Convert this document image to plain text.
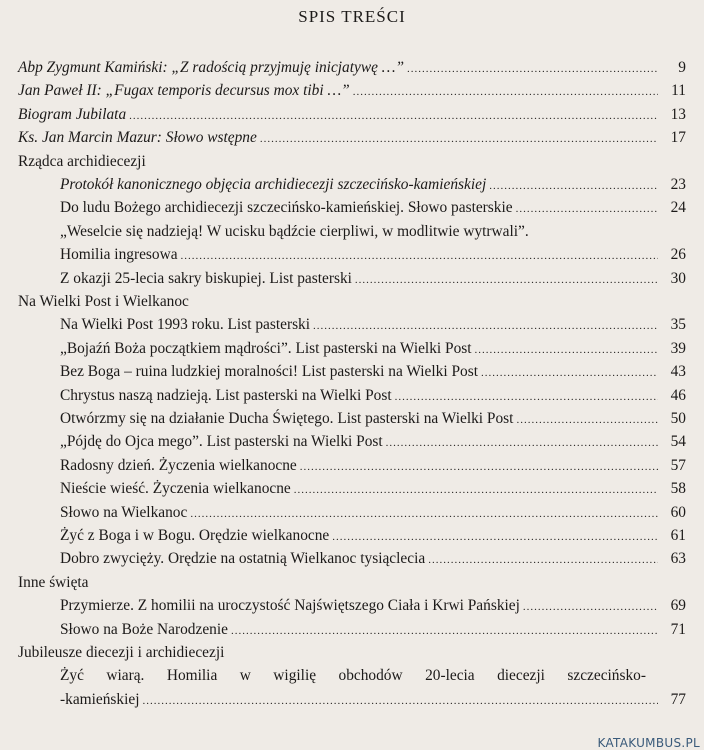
SPIS TREŚCI
Abp Zygmunt Kamiński: „Z radością przyjmuję inicjatywę …” .....	9
Jan Paweł II: „Fugax temporis decursus mox tibi …” .....	11
Biogram Jubilata .....	13
Ks. Jan Marcin Mazur: Słowo wstępne .....	17
Rządca archidiecezji
Protokół kanonicznego objęcia archidiecezji szczecińsko-kamieńskiej .....	23
Do ludu Bożego archidiecezji szczecińsko-kamieńskiej. Słowo pasterskie .....	24
„Weselcie się nadzieją! W ucisku bądźcie cierpliwi, w modlitwie wytrwali”.
Homilia ingresowa .....	26
Z okazji 25-lecia sakry biskupiej. List pasterski .....	30
Na Wielki Post i Wielkanoc
Na Wielki Post 1993 roku. List pasterski .....	35
„Bojaźń Boża początkiem mądrości”. List pasterski na Wielki Post .....	39
Bez Boga – ruina ludzkiej moralności! List pasterski na Wielki Post .....	43
Chrystus naszą nadzieją. List pasterski na Wielki Post .....	46
Otwórzmy się na działanie Ducha Świętego. List pasterski na Wielki Post .....	50
„Pójdę do Ojca mego”. List pasterski na Wielki Post .....	54
Radosny dzień. Życzenia wielkanocne .....	57
Nieście wieść. Życzenia wielkanocne .....	58
Słowo na Wielkanoc .....	60
Żyć z Boga i w Bogu. Orędzie wielkanocne .....	61
Dobro zwycięży. Orędzie na ostatnią Wielkanoc tysiąclecia .....	63
Inne święta
Przymierze. Z homilii na uroczystość Najświętszego Ciała i Krwi Pańskiej .....	69
Słowo na Boże Narodzenie .....	71
Jubileusze diecezji i archidiecezji
Żyć wiarą. Homilia w wigilię obchodów 20-lecia diecezji szczecińsko-
-kamieńskiej .....	77
KATAKUMBUS.PL
